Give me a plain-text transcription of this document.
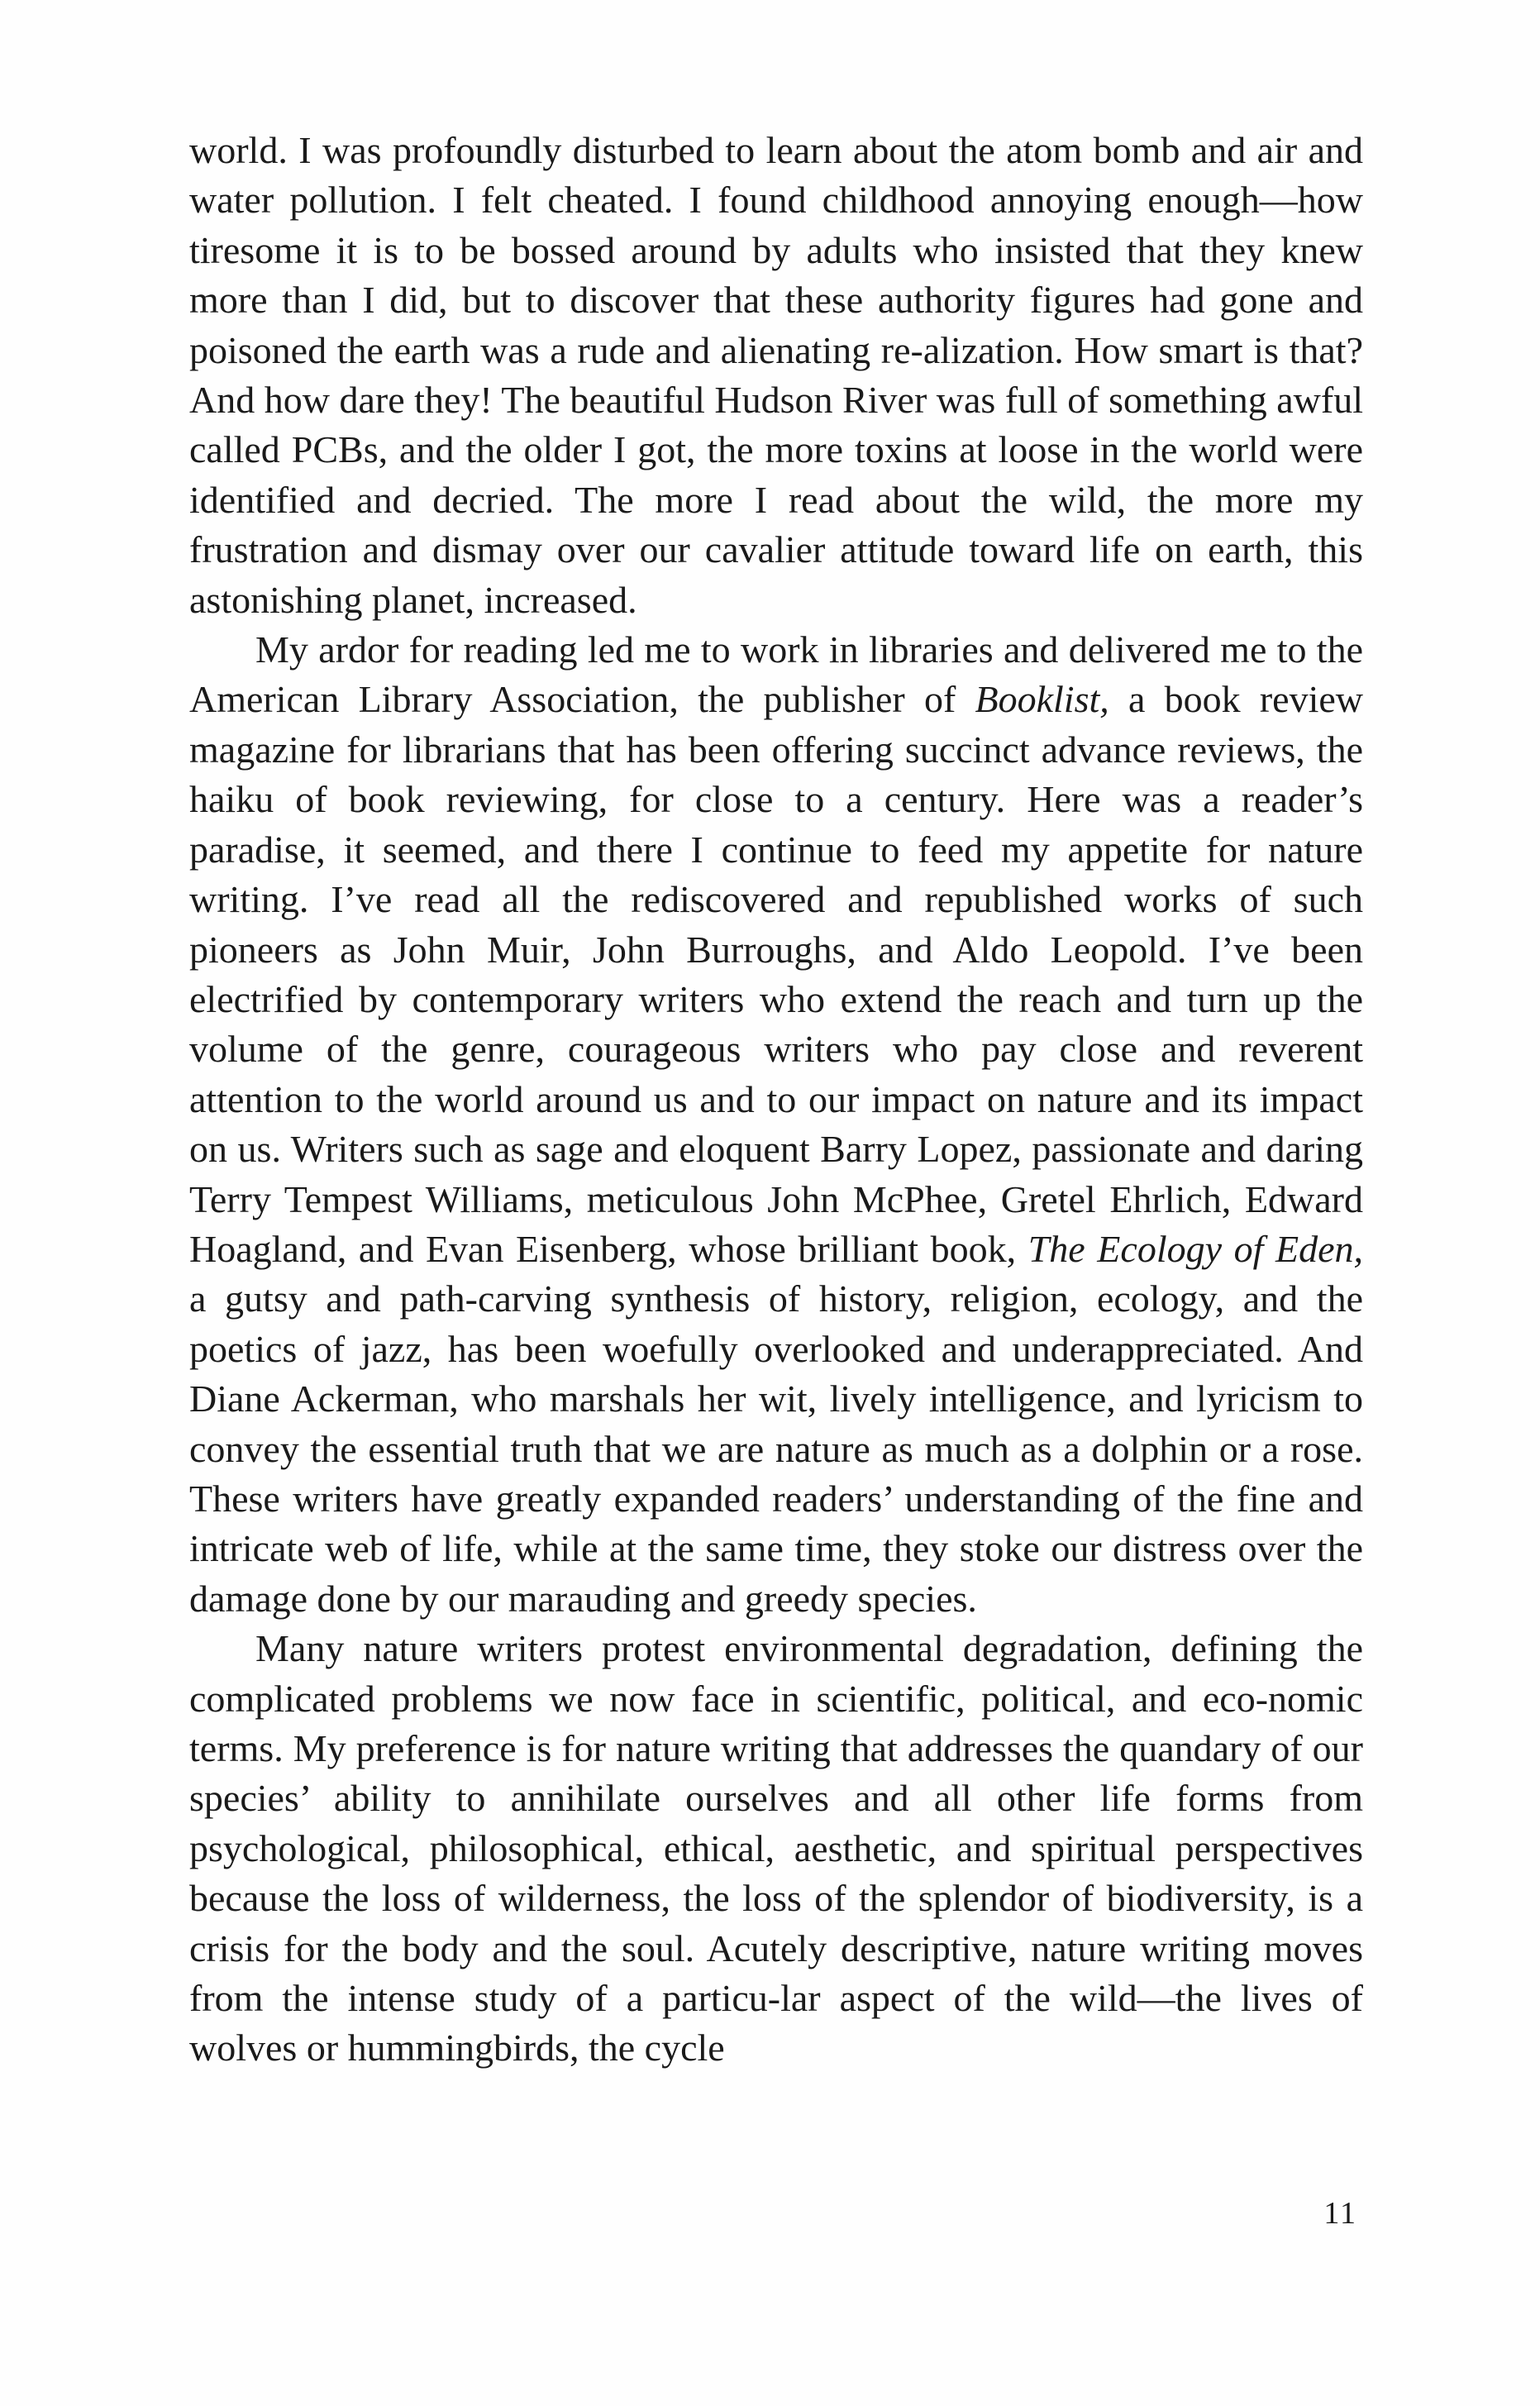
world. I was profoundly disturbed to learn about the atom bomb and air and water pollution. I felt cheated. I found childhood annoying enough—how tiresome it is to be bossed around by adults who insisted that they knew more than I did, but to discover that these authority figures had gone and poisoned the earth was a rude and alienating re-alization. How smart is that? And how dare they! The beautiful Hudson River was full of something awful called PCBs, and the older I got, the more toxins at loose in the world were identified and decried. The more I read about the wild, the more my frustration and dismay over our cavalier attitude toward life on earth, this astonishing planet, increased.

My ardor for reading led me to work in libraries and delivered me to the American Library Association, the publisher of Booklist, a book review magazine for librarians that has been offering succinct advance reviews, the haiku of book reviewing, for close to a century. Here was a reader’s paradise, it seemed, and there I continue to feed my appetite for nature writing. I’ve read all the rediscovered and republished works of such pioneers as John Muir, John Burroughs, and Aldo Leopold. I’ve been electrified by contemporary writers who extend the reach and turn up the volume of the genre, courageous writers who pay close and reverent attention to the world around us and to our impact on nature and its impact on us. Writers such as sage and eloquent Barry Lopez, passionate and daring Terry Tempest Williams, meticulous John McPhee, Gretel Ehrlich, Edward Hoagland, and Evan Eisenberg, whose brilliant book, The Ecology of Eden, a gutsy and path-carving synthesis of history, religion, ecology, and the poetics of jazz, has been woefully overlooked and underappreciated. And Diane Ackerman, who marshals her wit, lively intelligence, and lyricism to convey the essential truth that we are nature as much as a dolphin or a rose. These writers have greatly expanded readers’ understanding of the fine and intricate web of life, while at the same time, they stoke our distress over the damage done by our marauding and greedy species.

Many nature writers protest environmental degradation, defining the complicated problems we now face in scientific, political, and eco-nomic terms. My preference is for nature writing that addresses the quandary of our species’ ability to annihilate ourselves and all other life forms from psychological, philosophical, ethical, aesthetic, and spiritual perspectives because the loss of wilderness, the loss of the splendor of biodiversity, is a crisis for the body and the soul. Acutely descriptive, nature writing moves from the intense study of a particu-lar aspect of the wild—the lives of wolves or hummingbirds, the cycle

11
